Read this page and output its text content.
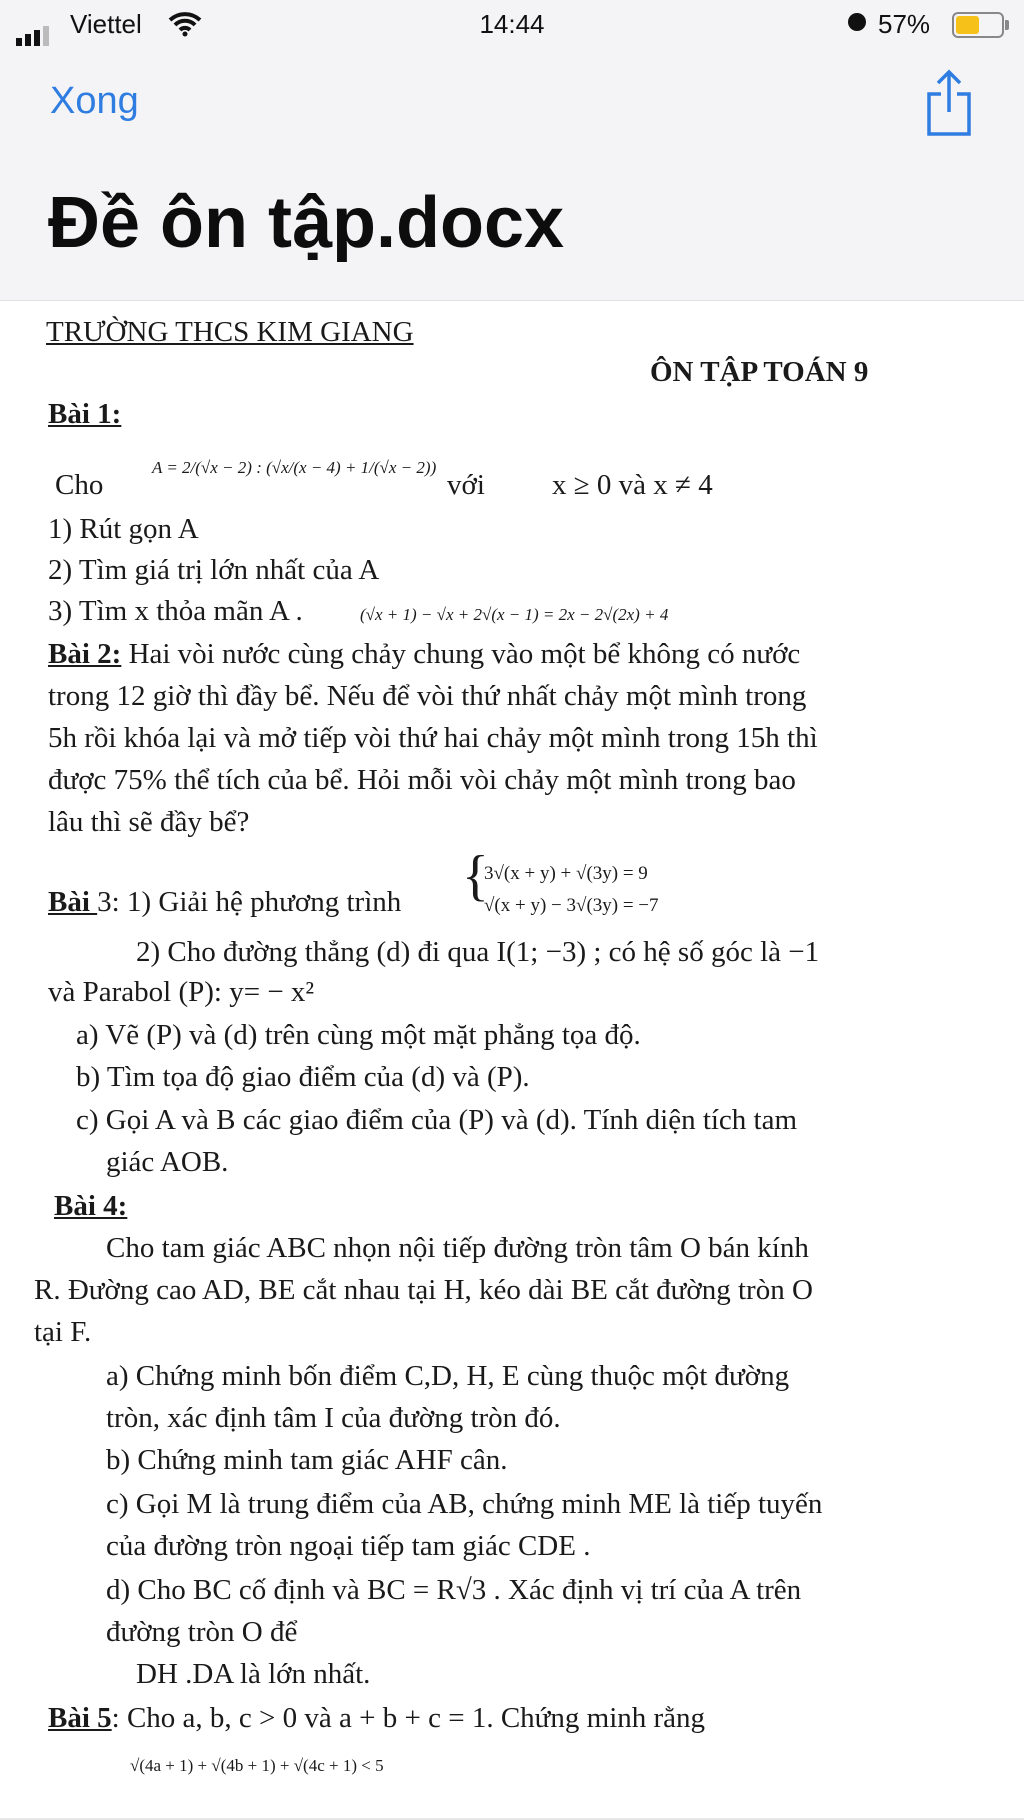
Viettel	14:44	57%
Xong
Đề ôn tập.docx
TRƯỜNG THCS KIM GIANG
ÔN TẬP TOÁN 9
Bài 1:
Cho
A = 2/(√x − 2) : (√x/(x − 4) + 1/(√x − 2))
với x ≥ 0 và x ≠ 4
1) Rút gọn A
2) Tìm giá trị lớn nhất của A
3) Tìm x thỏa mãn A .	(√x + 1) − √x + 2√(x − 1) = 2x − 2√(2x) + 4
Bài 2: Hai vòi nước cùng chảy chung vào một bể không có nước
trong 12 giờ thì đầy bể. Nếu để vòi thứ nhất chảy một mình trong
5h rồi khóa lại và mở tiếp vòi thứ hai chảy một mình trong 15h thì
được 75% thể tích của bể. Hỏi mỗi vòi chảy một mình trong bao
lâu thì sẽ đầy bể?
Bài 3: 1) Giải hệ phương trình {
3√(x + y) + √(3y) = 9
√(x + y) − 3√(3y) = −7
2) Cho đường thẳng (d) đi qua I(1; −3) ; có hệ số góc là −1
và Parabol (P): y= − x²
a) Vẽ (P) và (d) trên cùng một mặt phẳng tọa độ.
b) Tìm tọa độ giao điểm của (d) và (P).
c) Gọi A và B các giao điểm của (P) và (d). Tính diện tích tam
giác AOB.
Bài 4:
Cho tam giác ABC nhọn nội tiếp đường tròn tâm O bán kính
R. Đường cao AD, BE cắt nhau tại H, kéo dài BE cắt đường tròn O
tại F.
a) Chứng minh bốn điểm C,D, H, E cùng thuộc một đường
tròn, xác định tâm I của đường tròn đó.
b) Chứng minh tam giác AHF cân.
c) Gọi M là trung điểm của AB, chứng minh ME là tiếp tuyến
của đường tròn ngoại tiếp tam giác CDE .
d) Cho BC cố định và BC = R√3 . Xác định vị trí của A trên
đường tròn O để
DH .DA là lớn nhất.
Bài 5: Cho a, b, c > 0 và a + b + c = 1. Chứng minh rằng
√(4a + 1) + √(4b + 1) + √(4c + 1) < 5
